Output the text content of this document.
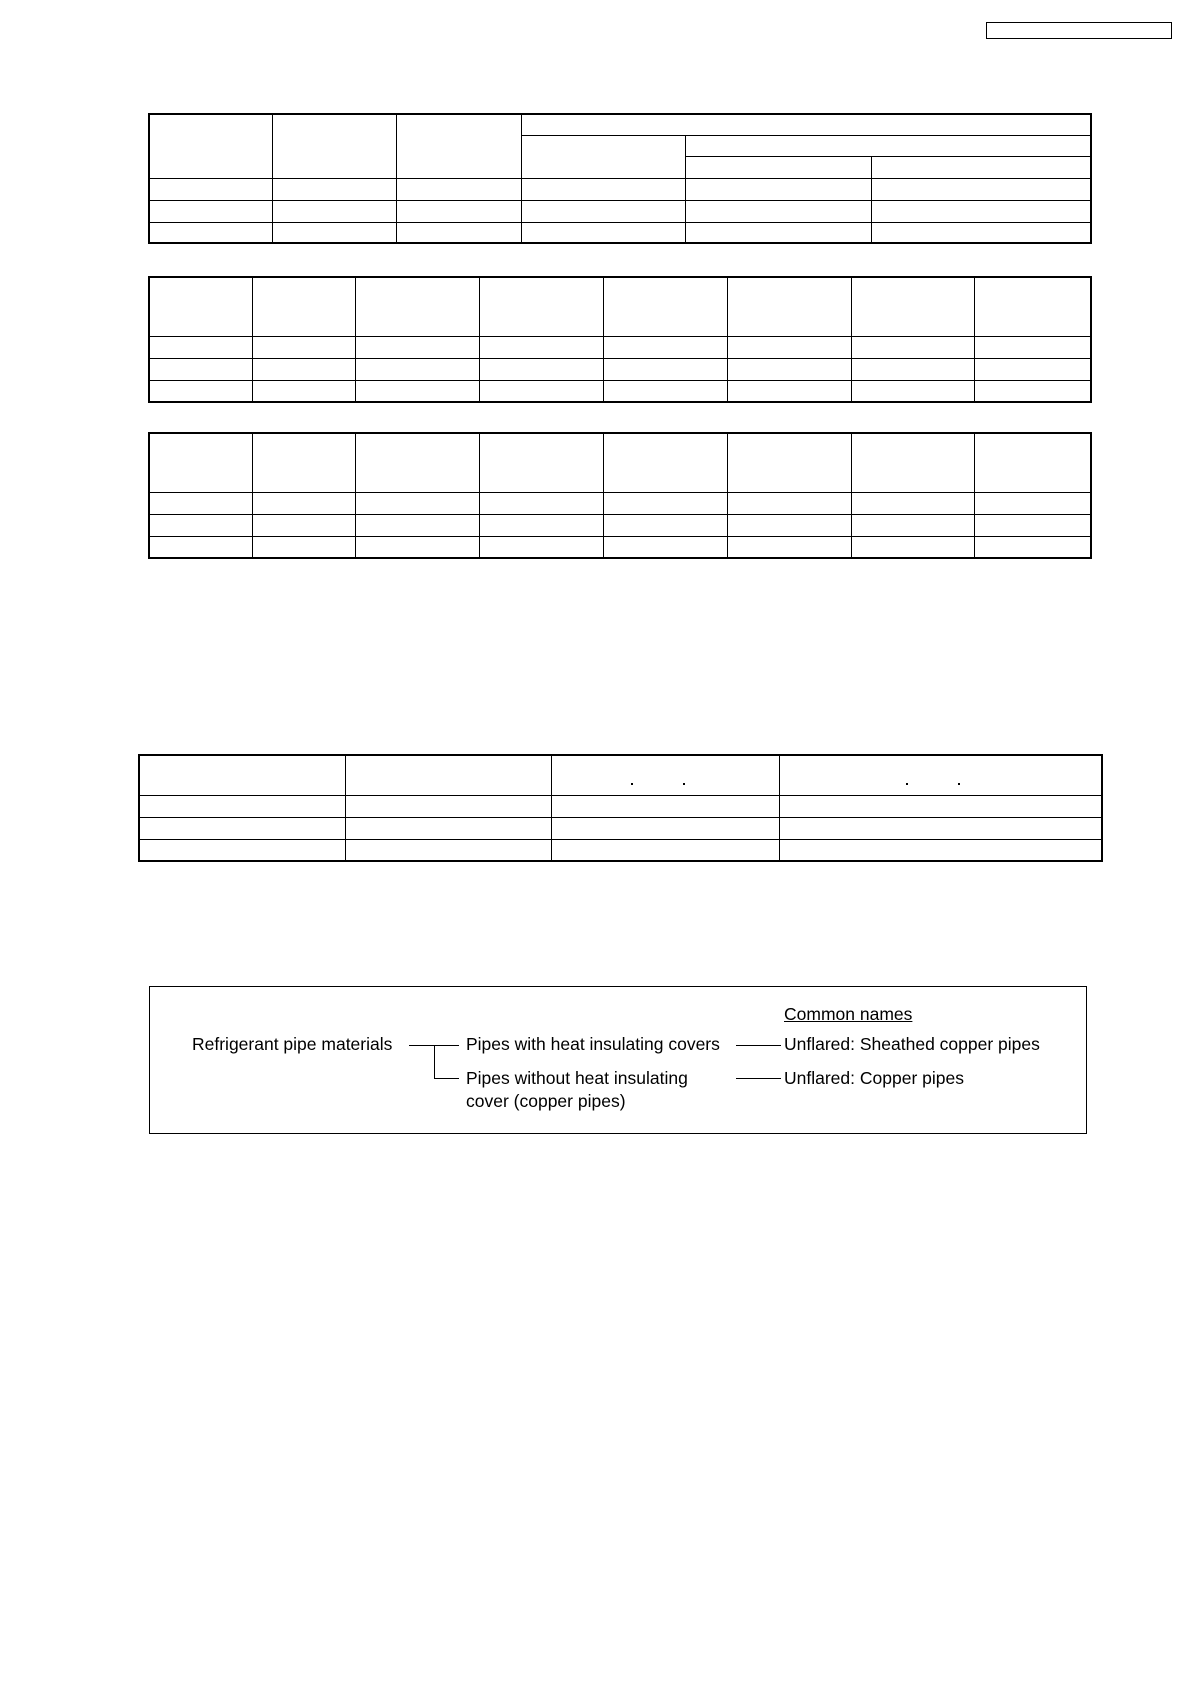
Common names
Refrigerant pipe materials	Pipes with heat insulating covers
Pipes without heat insulating
cover (copper pipes)
Unflared: Sheathed copper pipes
Unflared: Copper pipes
